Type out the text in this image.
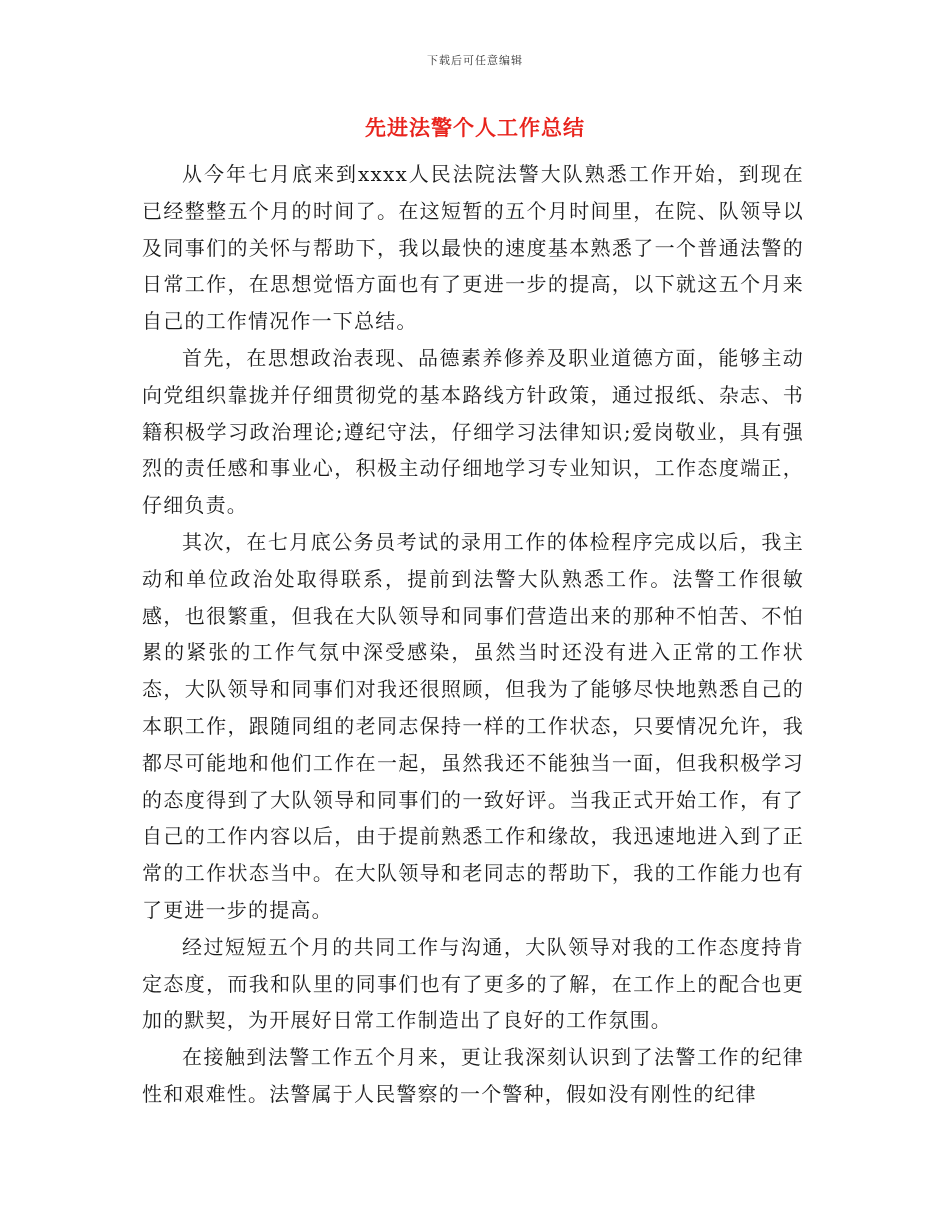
下载后可任意编辑
先进法警个人工作总结

从今年七月底来到xxxx人民法院法警大队熟悉工作开始，到现在已经整整五个月的时间了。在这短暂的五个月时间里，在院、队领导以及同事们的关怀与帮助下，我以最快的速度基本熟悉了一个普通法警的日常工作，在思想觉悟方面也有了更进一步的提高，以下就这五个月来自己的工作情况作一下总结。

首先，在思想政治表现、品德素养修养及职业道德方面，能够主动向党组织靠拢并仔细贯彻党的基本路线方针政策，通过报纸、杂志、书籍积极学习政治理论;遵纪守法，仔细学习法律知识;爱岗敬业，具有强烈的责任感和事业心，积极主动仔细地学习专业知识，工作态度端正，仔细负责。

其次，在七月底公务员考试的录用工作的体检程序完成以后，我主动和单位政治处取得联系，提前到法警大队熟悉工作。法警工作很敏感，也很繁重，但我在大队领导和同事们营造出来的那种不怕苦、不怕累的紧张的工作气氛中深受感染，虽然当时还没有进入正常的工作状态，大队领导和同事们对我还很照顾，但我为了能够尽快地熟悉自己的本职工作，跟随同组的老同志保持一样的工作状态，只要情况允许，我都尽可能地和他们工作在一起，虽然我还不能独当一面，但我积极学习的态度得到了大队领导和同事们的一致好评。当我正式开始工作，有了自己的工作内容以后，由于提前熟悉工作和缘故，我迅速地进入到了正常的工作状态当中。在大队领导和老同志的帮助下，我的工作能力也有了更进一步的提高。

经过短短五个月的共同工作与沟通，大队领导对我的工作态度持肯定态度，而我和队里的同事们也有了更多的了解，在工作上的配合也更加的默契，为开展好日常工作制造出了良好的工作氛围。

在接触到法警工作五个月来，更让我深刻认识到了法警工作的纪律性和艰难性。法警属于人民警察的一个警种，假如没有刚性的纪律
